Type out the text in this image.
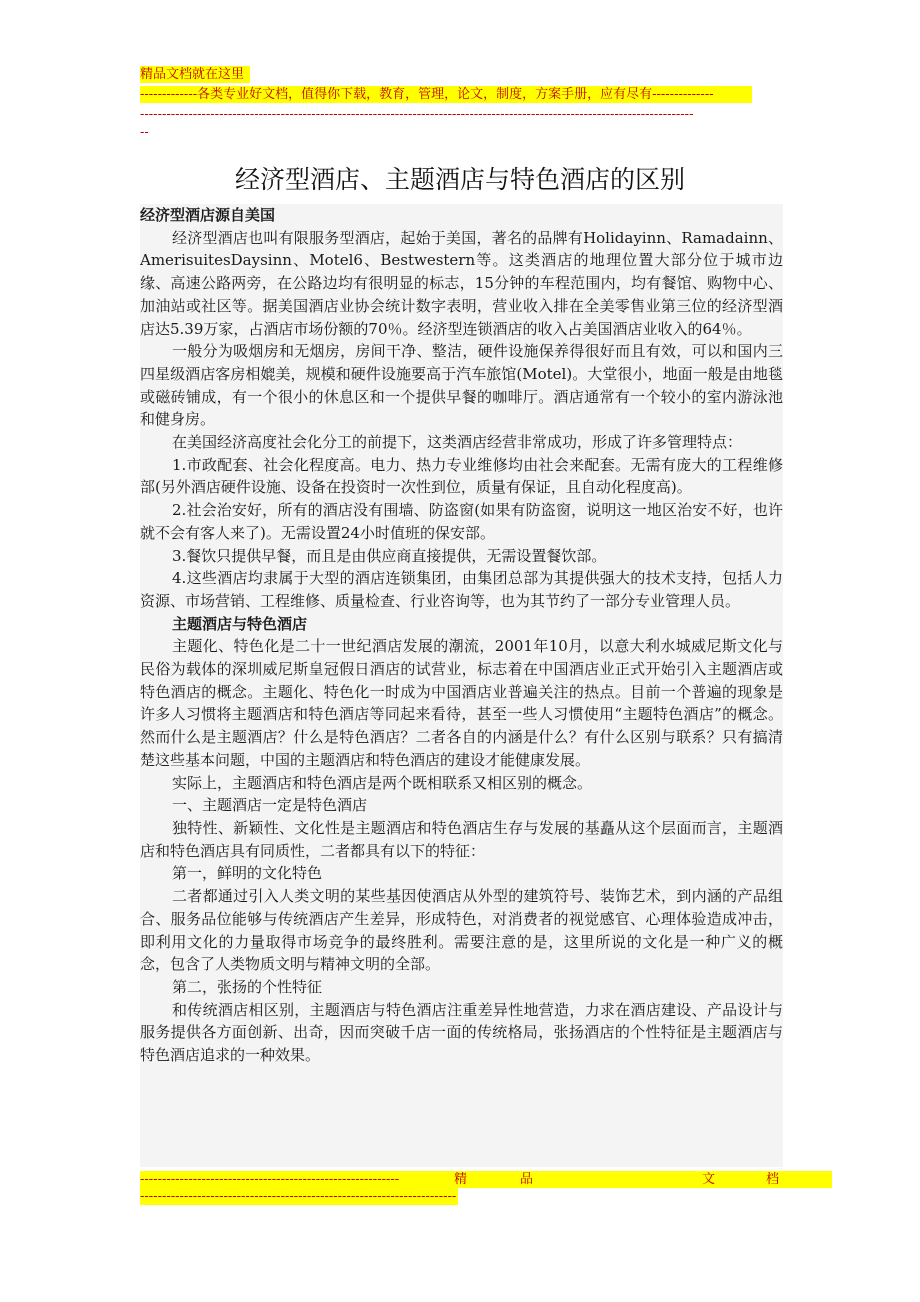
精品文档就在这里
-------------各类专业好文档，值得你下载，教育，管理，论文，制度，方案手册，应有尽有--------------
------------------------------------------------------------------------------------------------------------------------------
--
经济型酒店、主题酒店与特色酒店的区别

经济型酒店源自美国

经济型酒店也叫有限服务型酒店，起始于美国，著名的品牌有Holidayinn、Ramadainn、AmerisuitesDaysinn、Motel6、Bestwestern等。这类酒店的地理位置大部分位于城市边缘、高速公路两旁，在公路边均有很明显的标志，15分钟的车程范围内，均有餐馆、购物中心、加油站或社区等。据美国酒店业协会统计数字表明，营业收入排在全美零售业第三位的经济型酒店达5.39万家，占酒店市场份额的70％。经济型连锁酒店的收入占美国酒店业收入的64％。

一般分为吸烟房和无烟房，房间干净、整洁，硬件设施保养得很好而且有效，可以和国内三四星级酒店客房相媲美，规模和硬件设施要高于汽车旅馆(Motel)。大堂很小，地面一般是由地毯或磁砖铺成，有一个很小的休息区和一个提供早餐的咖啡厅。酒店通常有一个较小的室内游泳池和健身房。

在美国经济高度社会化分工的前提下，这类酒店经营非常成功，形成了许多管理特点：

1.市政配套、社会化程度高。电力、热力专业维修均由社会来配套。无需有庞大的工程维修部(另外酒店硬件设施、设备在投资时一次性到位，质量有保证，且自动化程度高)。

2.社会治安好，所有的酒店没有围墙、防盗窗(如果有防盗窗，说明这一地区治安不好，也许就不会有客人来了)。无需设置24小时值班的保安部。

3.餐饮只提供早餐，而且是由供应商直接提供，无需设置餐饮部。

4.这些酒店均隶属于大型的酒店连锁集团，由集团总部为其提供强大的技术支持，包括人力资源、市场营销、工程维修、质量检查、行业咨询等，也为其节约了一部分专业管理人员。

主题酒店与特色酒店

主题化、特色化是二十一世纪酒店发展的潮流，2001年10月，以意大利水城威尼斯文化与民俗为载体的深圳威尼斯皇冠假日酒店的试营业，标志着在中国酒店业正式开始引入主题酒店或特色酒店的概念。主题化、特色化一时成为中国酒店业普遍关注的热点。目前一个普遍的现象是许多人习惯将主题酒店和特色酒店等同起来看待，甚至一些人习惯使用“主题特色酒店”的概念。然而什么是主题酒店？什么是特色酒店？二者各自的内涵是什么？有什么区别与联系？只有搞清楚这些基本问题，中国的主题酒店和特色酒店的建设才能健康发展。

实际上，主题酒店和特色酒店是两个既相联系又相区别的概念。

一、主题酒店一定是特色酒店

独特性、新颖性、文化性是主题酒店和特色酒店生存与发展的基矗从这个层面而言，主题酒店和特色酒店具有同质性，二者都具有以下的特征：

第一，鲜明的文化特色

二者都通过引入人类文明的某些基因使酒店从外型的建筑符号、装饰艺术，到内涵的产品组合、服务品位能够与传统酒店产生差异，形成特色，对消费者的视觉感官、心理体验造成冲击，即利用文化的力量取得市场竞争的最终胜利。需要注意的是，这里所说的文化是一种广义的概念，包含了人类物质文明与精神文明的全部。

第二，张扬的个性特征

和传统酒店相区别，主题酒店与特色酒店注重差异性地营造，力求在酒店建设、产品设计与服务提供各方面创新、出奇，因而突破千店一面的传统格局，张扬酒店的个性特征是主题酒店与特色酒店追求的一种效果。

-----------------------------------------------------------	精	品	文	档
------------------------------------------------------------------------
